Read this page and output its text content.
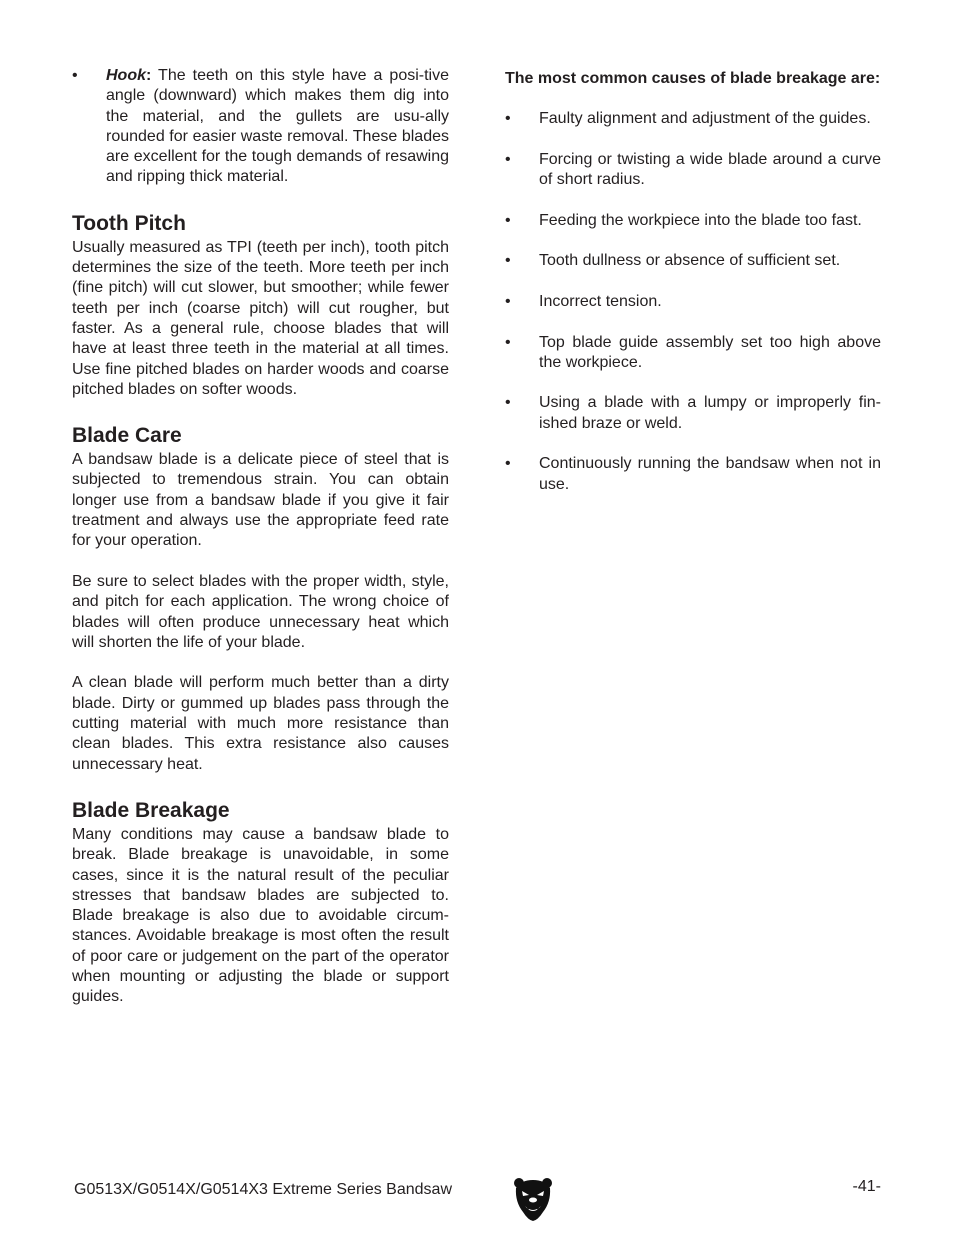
• Hook: The teeth on this style have a posi-tive angle (downward) which makes them dig into the material, and the gullets are usu-ally rounded for easier waste removal. These blades are excellent for the tough demands of resawing and ripping thick material.
Tooth Pitch

Usually measured as TPI (teeth per inch), tooth pitch determines the size of the teeth. More teeth per inch (fine pitch) will cut slower, but smoother; while fewer teeth per inch (coarse pitch) will cut rougher, but faster. As a general rule, choose blades that will have at least three teeth in the material at all times. Use fine pitched blades on harder woods and coarse pitched blades on softer woods.

Blade Care

A bandsaw blade is a delicate piece of steel that is subjected to tremendous strain. You can obtain longer use from a bandsaw blade if you give it fair treatment and always use the appropriate feed rate for your operation.

Be sure to select blades with the proper width, style, and pitch for each application. The wrong choice of blades will often produce unnecessary heat which will shorten the life of your blade.

A clean blade will perform much better than a dirty blade. Dirty or gummed up blades pass through the cutting material with much more resistance than clean blades. This extra resistance also causes unnecessary heat.

Blade Breakage

Many conditions may cause a bandsaw blade to break. Blade breakage is unavoidable, in some cases, since it is the natural result of the peculiar stresses that bandsaw blades are subjected to. Blade breakage is also due to avoidable circum-stances. Avoidable breakage is most often the result of poor care or judgement on the part of the operator when mounting or adjusting the blade or support guides.

The most common causes of blade breakage are:

• Faulty alignment and adjustment of the guides.
• Forcing or twisting a wide blade around a curve of short radius.
• Feeding the workpiece into the blade too fast.
• Tooth dullness or absence of sufficient set.
• Incorrect tension.
• Top blade guide assembly set too high above the workpiece.
• Using a blade with a lumpy or improperly fin-ished braze or weld.
• Continuously running the bandsaw when not in use.
G0513X/G0514X/G0514X3 Extreme Series Bandsaw	-41-
